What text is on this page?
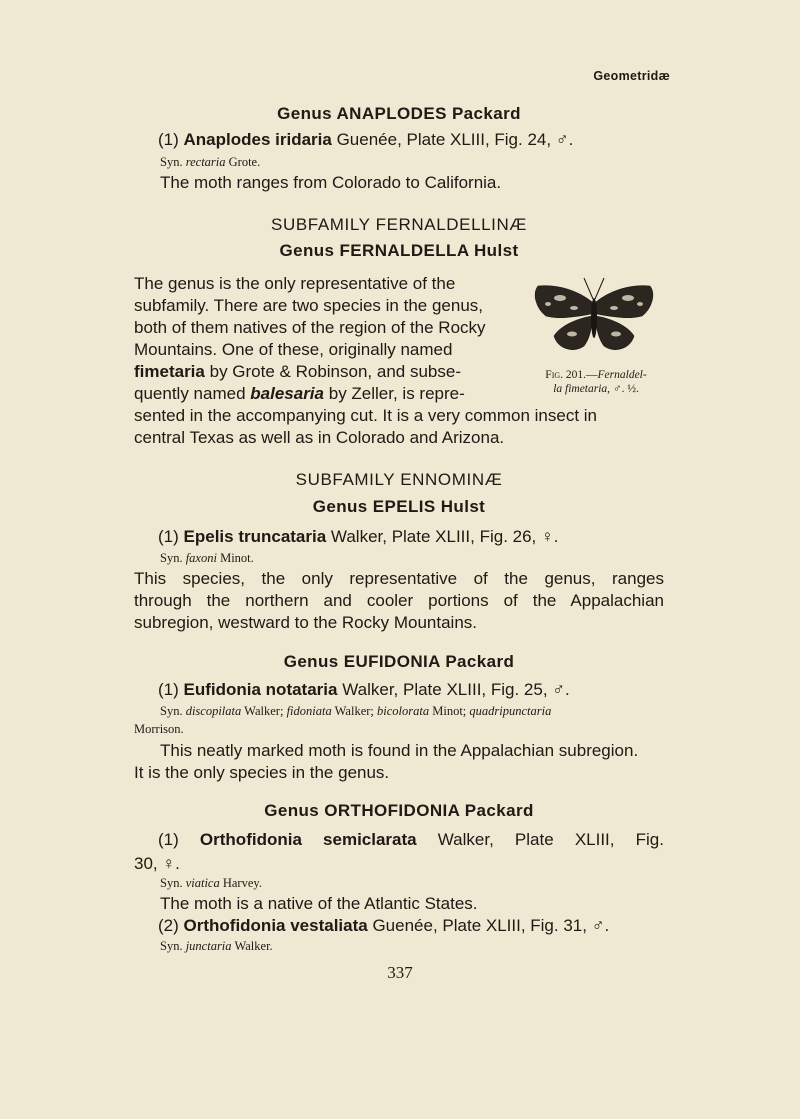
Geometridæ
Genus ANAPLODES Packard
(1) Anaplodes iridaria Guenée, Plate XLIII, Fig. 24, ♂.
Syn. rectaria Grote.
The moth ranges from Colorado to California.
SUBFAMILY FERNALDELLINÆ
Genus FERNALDELLA Hulst
The genus is the only representative of the
subfamily. There are two species in the genus,
both of them natives of the region of the Rocky
Mountains. One of these, originally named
fimetaria by Grote & Robinson, and subse-
quently named balesaria by Zeller, is repre-
sented in the accompanying cut. It is a very common insect in
central Texas as well as in Colorado and Arizona.
Fig. 201.—Fernaldel-
la fimetaria, ♂. ½.
SUBFAMILY ENNOMINÆ
Genus EPELIS Hulst
(1) Epelis truncataria Walker, Plate XLIII, Fig. 26, ♀.
Syn. faxoni Minot.
This species, the only representative of the genus, ranges
through the northern and cooler portions of the Appalachian
subregion, westward to the Rocky Mountains.
Genus EUFIDONIA Packard
(1) Eufidonia notataria Walker, Plate XLIII, Fig. 25, ♂.
Syn. discopilata Walker; fidoniata Walker; bicolorata Minot; quadripunctaria
Morrison.
This neatly marked moth is found in the Appalachian subregion.
It is the only species in the genus.
Genus ORTHOFIDONIA Packard
(1) Orthofidonia semiclarata Walker, Plate XLIII, Fig.
30, ♀.
Syn. viatica Harvey.
The moth is a native of the Atlantic States.
(2) Orthofidonia vestaliata Guenée, Plate XLIII, Fig. 31, ♂.
Syn. junctaria Walker.
337
